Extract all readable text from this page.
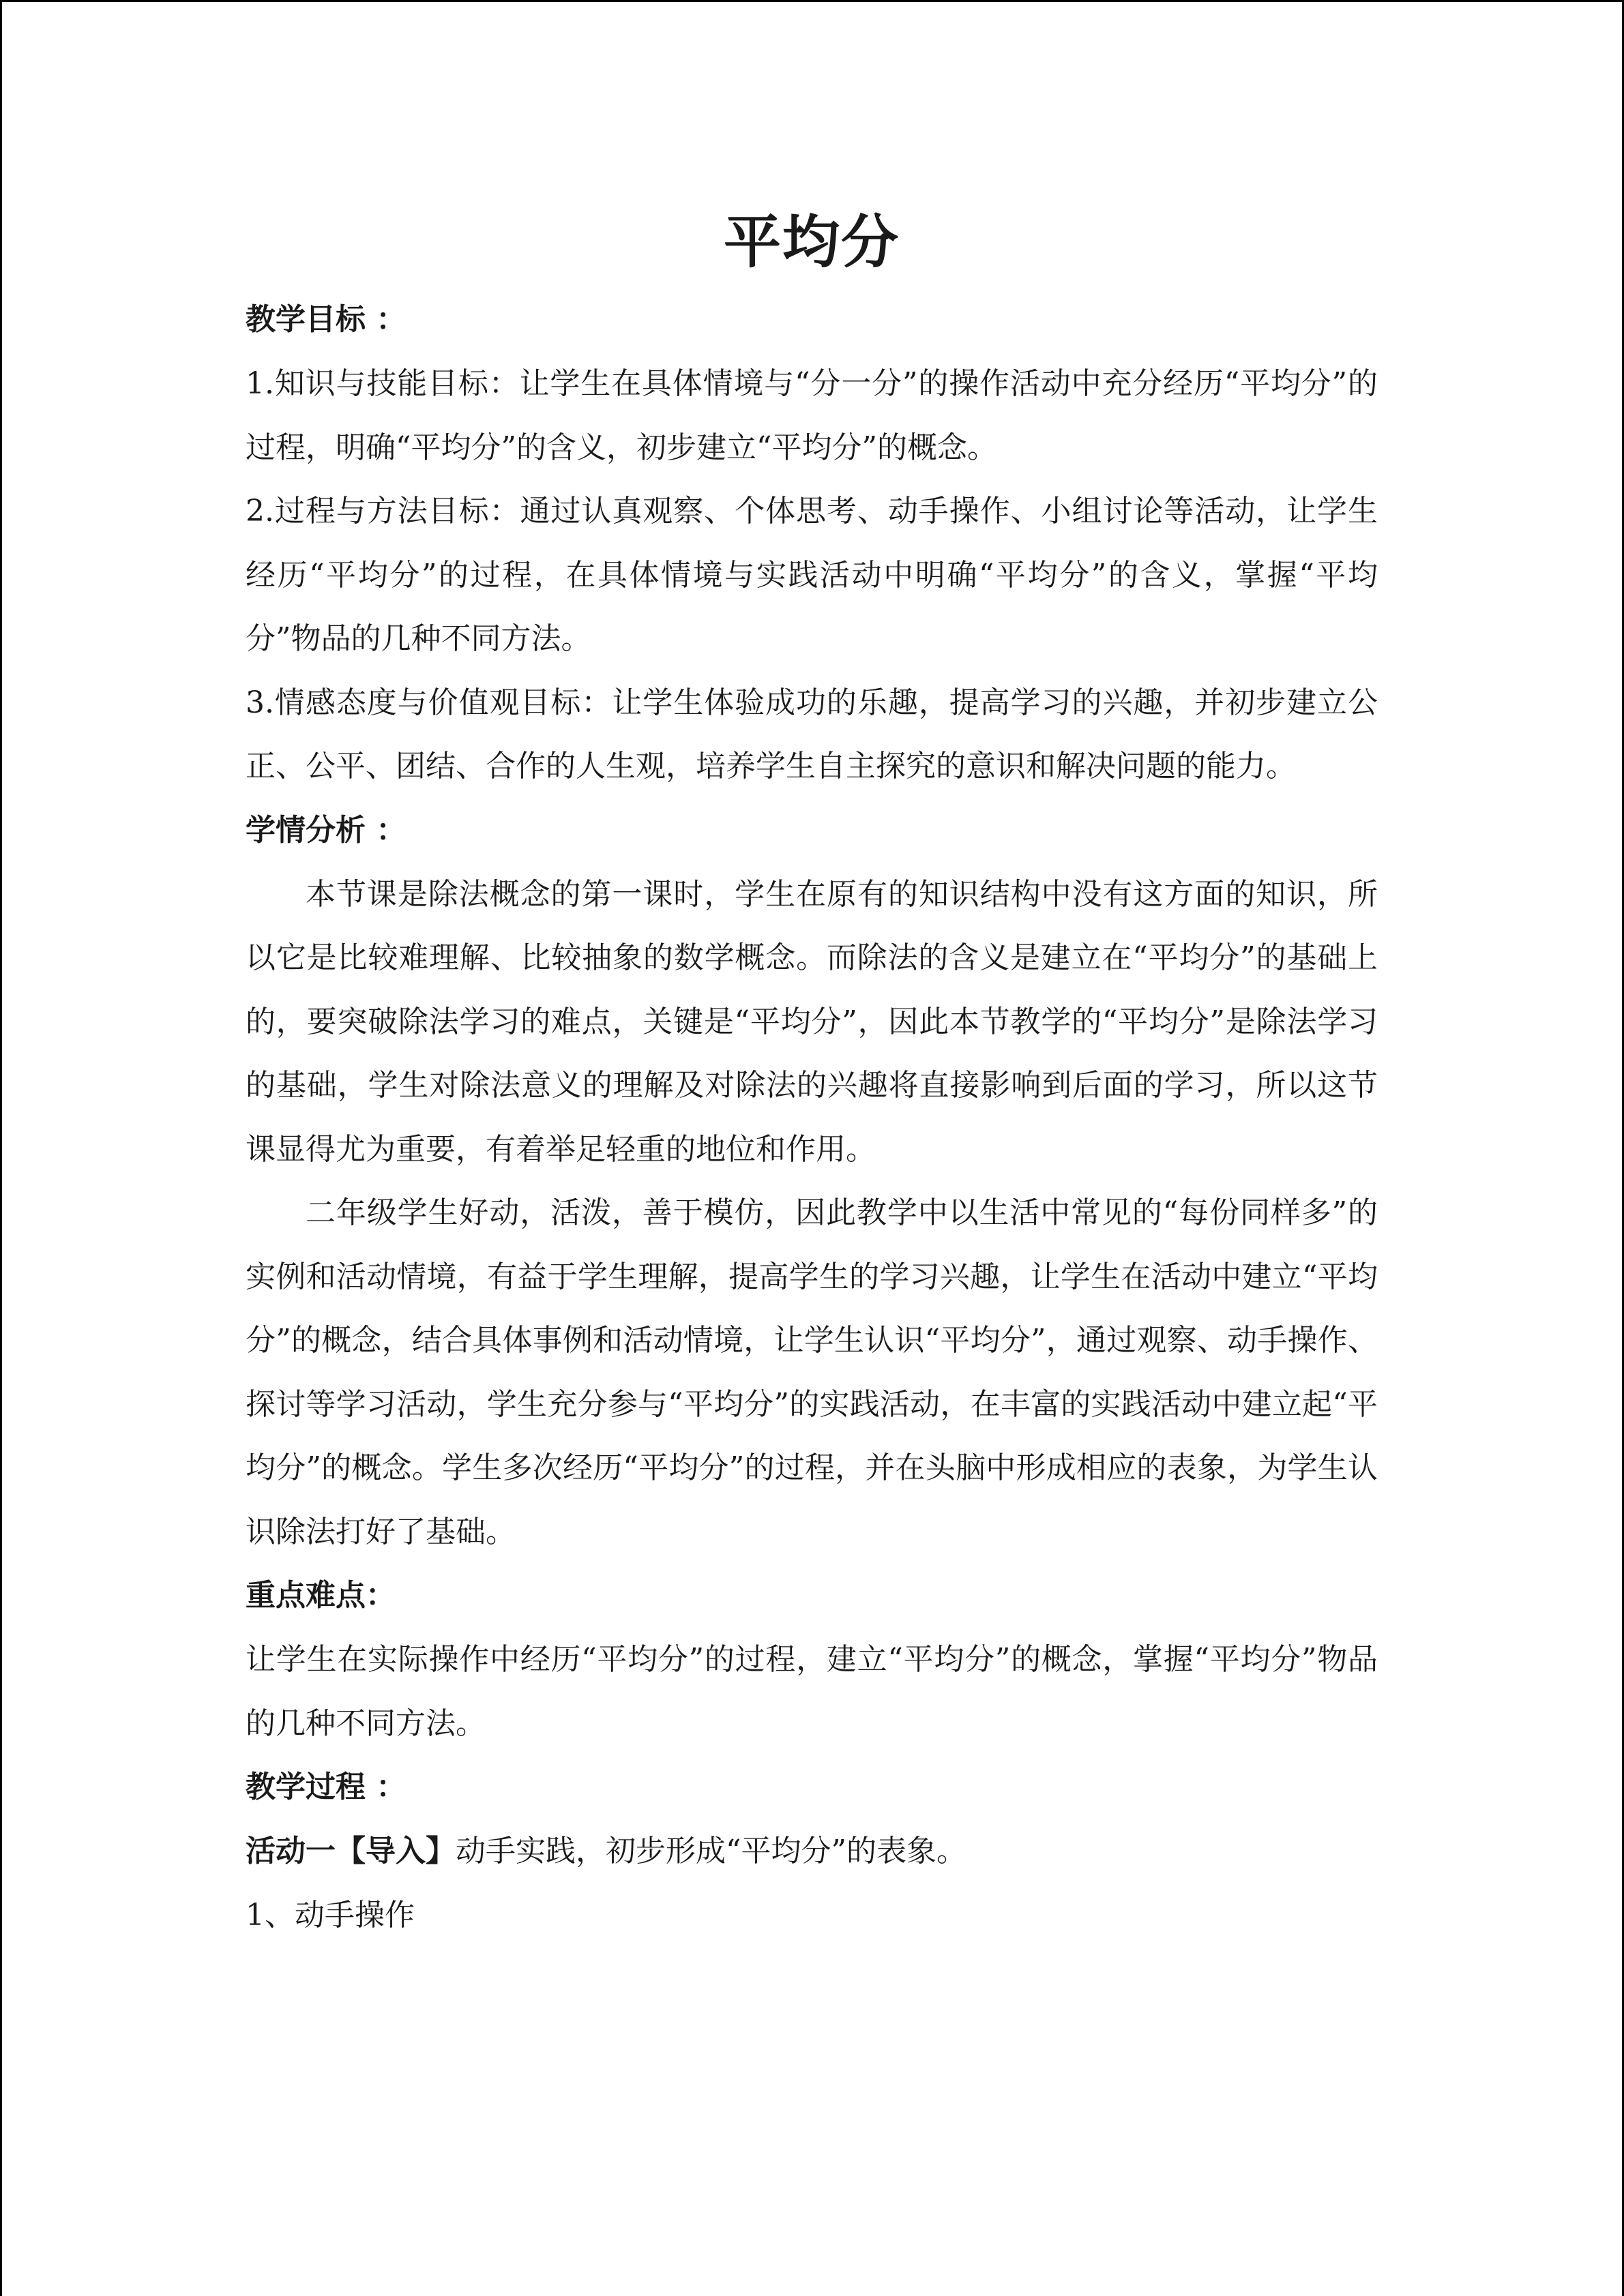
平均分

教学目标 ：

1.知识与技能目标：让学生在具体情境与“分一分”的操作活动中充分经历“平均分”的过程，明确“平均分”的含义，初步建立“平均分”的概念。

2.过程与方法目标：通过认真观察、个体思考、动手操作、小组讨论等活动，让学生经历“平均分”的过程，在具体情境与实践活动中明确“平均分”的含义，掌握“平均分”物品的几种不同方法。

3.情感态度与价值观目标：让学生体验成功的乐趣，提高学习的兴趣，并初步建立公正、公平、团结、合作的人生观，培养学生自主探究的意识和解决问题的能力。

学情分析 ：

本节课是除法概念的第一课时，学生在原有的知识结构中没有这方面的知识，所以它是比较难理解、比较抽象的数学概念。而除法的含义是建立在“平均分”的基础上的，要突破除法学习的难点，关键是“平均分”，因此本节教学的“平均分”是除法学习的基础，学生对除法意义的理解及对除法的兴趣将直接影响到后面的学习，所以这节课显得尤为重要，有着举足轻重的地位和作用。

二年级学生好动，活泼，善于模仿，因此教学中以生活中常见的“每份同样多”的实例和活动情境，有益于学生理解，提高学生的学习兴趣，让学生在活动中建立“平均分”的概念，结合具体事例和活动情境，让学生认识“平均分”，通过观察、动手操作、探讨等学习活动，学生充分参与“平均分”的实践活动，在丰富的实践活动中建立起“平均分”的概念。学生多次经历“平均分”的过程，并在头脑中形成相应的表象，为学生认识除法打好了基础。

重点难点：

让学生在实际操作中经历“平均分”的过程，建立“平均分”的概念，掌握“平均分”物品的几种不同方法。

教学过程 ：

活动一【导入】动手实践，初步形成“平均分”的表象。

1、动手操作
